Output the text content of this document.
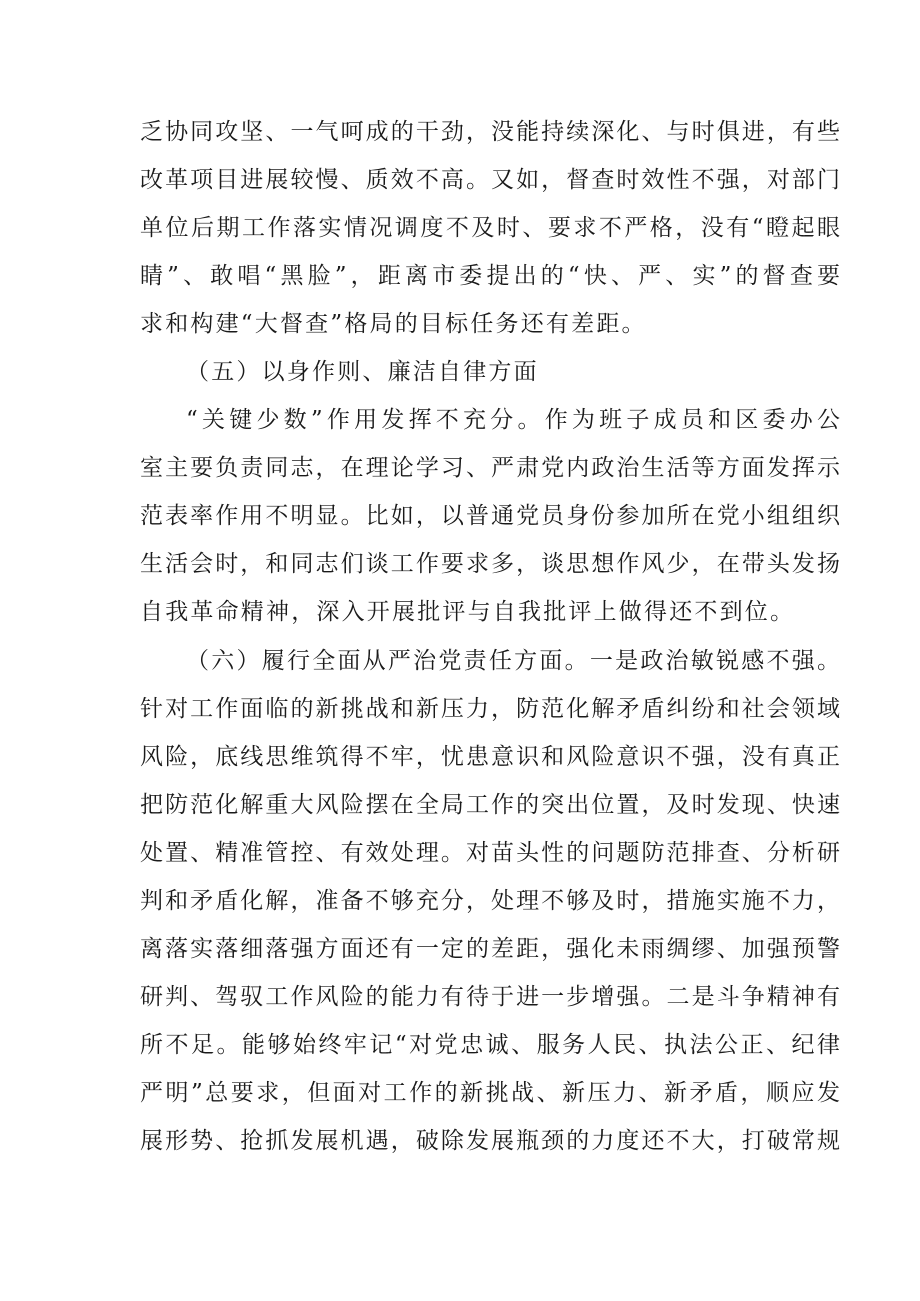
乏协同攻坚、一气呵成的干劲，没能持续深化、与时俱进，有些
改革项目进展较慢、质效不高。又如，督查时效性不强，对部门
单位后期工作落实情况调度不及时、要求不严格，没有“瞪起眼
睛”、敢唱“黑脸”，距离市委提出的“快、严、实”的督查要
求和构建“大督查”格局的目标任务还有差距。
（五）以身作则、廉洁自律方面
“关键少数”作用发挥不充分。作为班子成员和区委办公
室主要负责同志，在理论学习、严肃党内政治生活等方面发挥示
范表率作用不明显。比如，以普通党员身份参加所在党小组组织
生活会时，和同志们谈工作要求多，谈思想作风少，在带头发扬
自我革命精神，深入开展批评与自我批评上做得还不到位。
（六）履行全面从严治党责任方面。一是政治敏锐感不强。
针对工作面临的新挑战和新压力，防范化解矛盾纠纷和社会领域
风险，底线思维筑得不牢，忧患意识和风险意识不强，没有真正
把防范化解重大风险摆在全局工作的突出位置，及时发现、快速
处置、精准管控、有效处理。对苗头性的问题防范排查、分析研
判和矛盾化解，准备不够充分，处理不够及时，措施实施不力，
离落实落细落强方面还有一定的差距，强化未雨绸缪、加强预警
研判、驾驭工作风险的能力有待于进一步增强。二是斗争精神有
所不足。能够始终牢记“对党忠诚、服务人民、执法公正、纪律
严明”总要求，但面对工作的新挑战、新压力、新矛盾，顺应发
展形势、抢抓发展机遇，破除发展瓶颈的力度还不大，打破常规
